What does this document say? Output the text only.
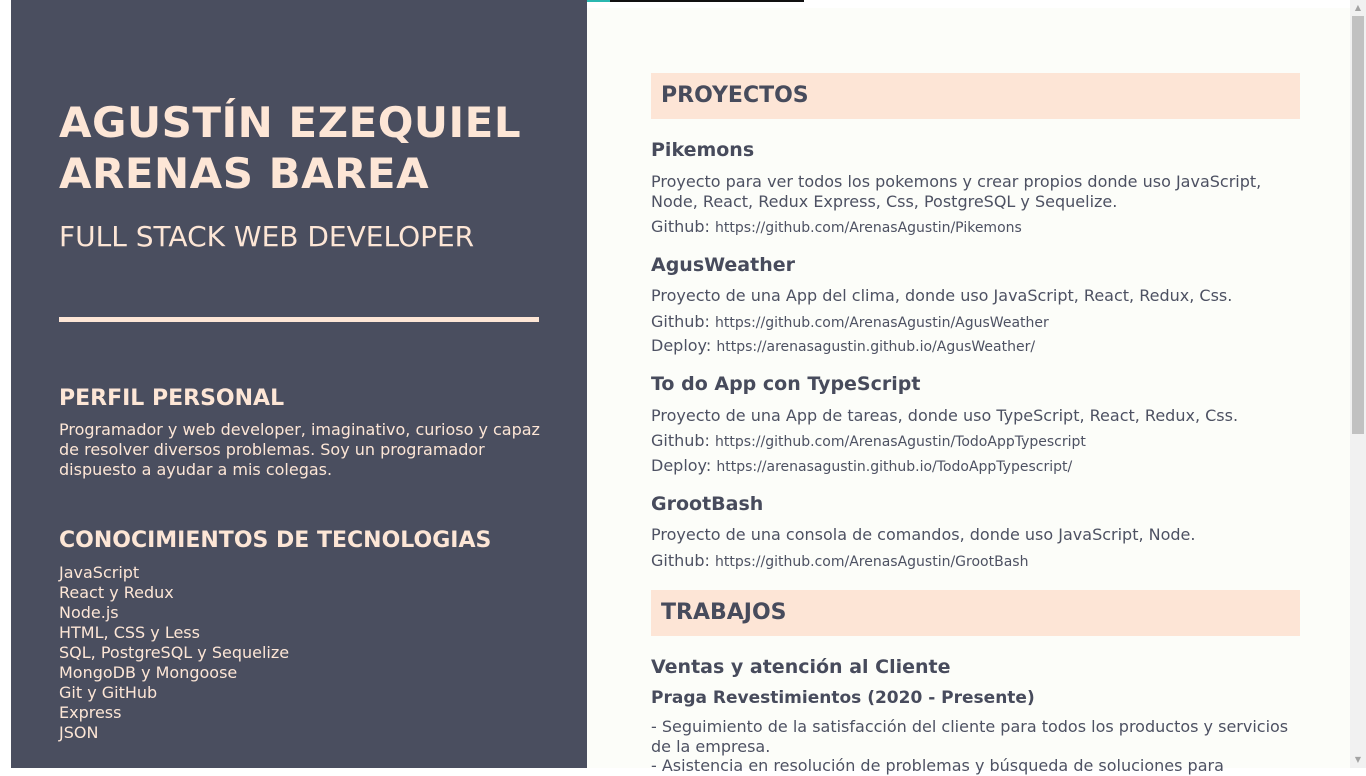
AGUSTÍN EZEQUIEL ARENAS BAREA
FULL STACK WEB DEVELOPER
PERFIL PERSONAL
Programador y web developer, imaginativo, curioso y capaz de resolver diversos problemas. Soy un programador dispuesto a ayudar a mis colegas.
CONOCIMIENTOS DE TECNOLOGIAS
JavaScript
React y Redux
Node.js
HTML, CSS y Less
SQL, PostgreSQL y Sequelize
MongoDB y Mongoose
Git y GitHub
Express
JSON
PROYECTOS
Pikemons
Proyecto para ver todos los pokemons y crear propios donde uso JavaScript, Node, React, Redux Express, Css, PostgreSQL y Sequelize.
Github: https://github.com/ArenasAgustin/Pikemons
AgusWeather
Proyecto de una App del clima, donde uso JavaScript, React, Redux, Css.
Github: https://github.com/ArenasAgustin/AgusWeather
Deploy: https://arenasagustin.github.io/AgusWeather/
To do App con TypeScript
Proyecto de una App de tareas, donde uso TypeScript, React, Redux, Css.
Github: https://github.com/ArenasAgustin/TodoAppTypescript
Deploy: https://arenasagustin.github.io/TodoAppTypescript/
GrootBash
Proyecto de una consola de comandos, donde uso JavaScript, Node.
Github: https://github.com/ArenasAgustin/GrootBash
TRABAJOS
Ventas y atención al Cliente
Praga Revestimientos (2020 - Presente)
- Seguimiento de la satisfacción del cliente para todos los productos y servicios de la empresa.
- Asistencia en resolución de problemas y búsqueda de soluciones para
▲
▼
